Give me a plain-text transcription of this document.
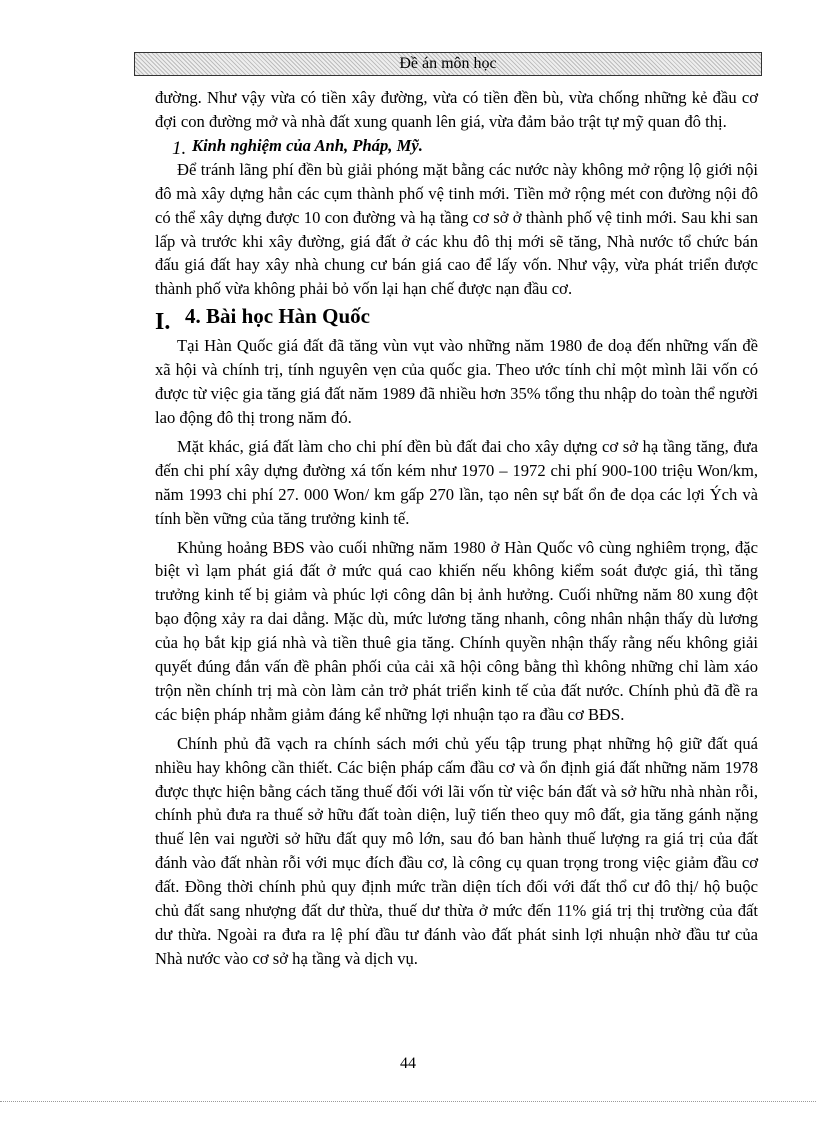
Đề án môn học

đường. Như vậy vừa có tiền xây đường, vừa có tiền đền bù, vừa chống những kẻ đầu cơ đợi con đường mở và nhà đất xung quanh lên giá, vừa đảm bảo trật tự mỹ quan đô thị.

1. Kinh nghiệm của Anh, Pháp, Mỹ.

Để tránh lãng phí đền bù giải phóng mặt bằng các nước này không mở rộng lộ giới nội đô mà xây dựng hẳn các cụm thành phố vệ tinh mới. Tiền mở rộng mét con đường nội đô có thể xây dựng được 10 con đường và hạ tầng cơ sở ở thành phố vệ tinh mới. Sau khi san lấp và trước khi xây đường, giá đất ở các khu đô thị mới sẽ tăng, Nhà nước tổ chức bán đấu giá đất hay xây nhà chung cư bán giá cao để lấy vốn. Như vậy, vừa phát triển được thành phố vừa không phải bỏ vốn lại hạn chế được nạn đầu cơ.

I. 4. Bài học Hàn Quốc

Tại Hàn Quốc giá đất đã tăng vùn vụt vào những năm 1980 đe doạ đến những vấn đề xã hội và chính trị, tính nguyên vẹn của quốc gia. Theo ước tính chỉ một mình lãi vốn có được từ việc gia tăng giá đất năm 1989 đã nhiều hơn 35% tổng thu nhập do toàn thể người lao động đô thị trong năm đó.

Mặt khác, giá đất làm cho chi phí đền bù đất đai cho xây dựng cơ sở hạ tầng tăng, đưa đến chi phí xây dựng đường xá tốn kém như 1970 – 1972 chi phí 900-100 triệu Won/km, năm 1993 chi phí 27. 000 Won/ km gấp 270 lần, tạo nên sự bất ổn đe dọa các lợi Ých và tính bền vững của tăng trưởng kinh tế.

Khủng hoảng BĐS vào cuối những năm 1980 ở Hàn Quốc vô cùng nghiêm trọng, đặc biệt vì lạm phát giá đất ở mức quá cao khiến nếu không kiểm soát được giá, thì tăng trưởng kinh tế bị giảm và phúc lợi công dân bị ảnh hưởng. Cuối những năm 80 xung đột bạo động xảy ra dai dẳng. Mặc dù, mức lương tăng nhanh, công nhân nhận thấy dù lương của họ bắt kịp giá nhà và tiền thuê gia tăng. Chính quyền nhận thấy rằng nếu không giải quyết đúng đắn vấn đề phân phối của cải xã hội công bằng thì không những chỉ làm xáo trộn nền chính trị mà còn làm cản trở phát triển kinh tế của đất nước. Chính phủ đã đề ra các biện pháp nhằm giảm đáng kể những lợi nhuận tạo ra đầu cơ BĐS.

Chính phủ đã vạch ra chính sách mới chủ yếu tập trung phạt những hộ giữ đất quá nhiều hay không cần thiết. Các biện pháp cấm đầu cơ và ổn định giá đất những năm 1978 được thực hiện bằng cách tăng thuế đối với lãi vốn từ việc bán đất và sở hữu nhà nhàn rỗi, chính phủ đưa ra thuế sở hữu đất toàn diện, luỹ tiến theo quy mô đất, gia tăng gánh nặng thuế lên vai người sở hữu đất quy mô lớn, sau đó ban hành thuế lượng ra giá trị của đất đánh vào đất nhàn rỗi với mục đích đầu cơ, là công cụ quan trọng trong việc giảm đầu cơ đất. Đồng thời chính phủ quy định mức trần diện tích đối với đất thổ cư đô thị/ hộ buộc chủ đất sang nhượng đất dư thừa, thuế dư thừa ở mức đến 11% giá trị thị trường của đất dư thừa. Ngoài ra đưa ra lệ phí đầu tư đánh vào đất phát sinh lợi nhuận nhờ đầu tư của Nhà nước vào cơ sở hạ tầng và dịch vụ.

44
